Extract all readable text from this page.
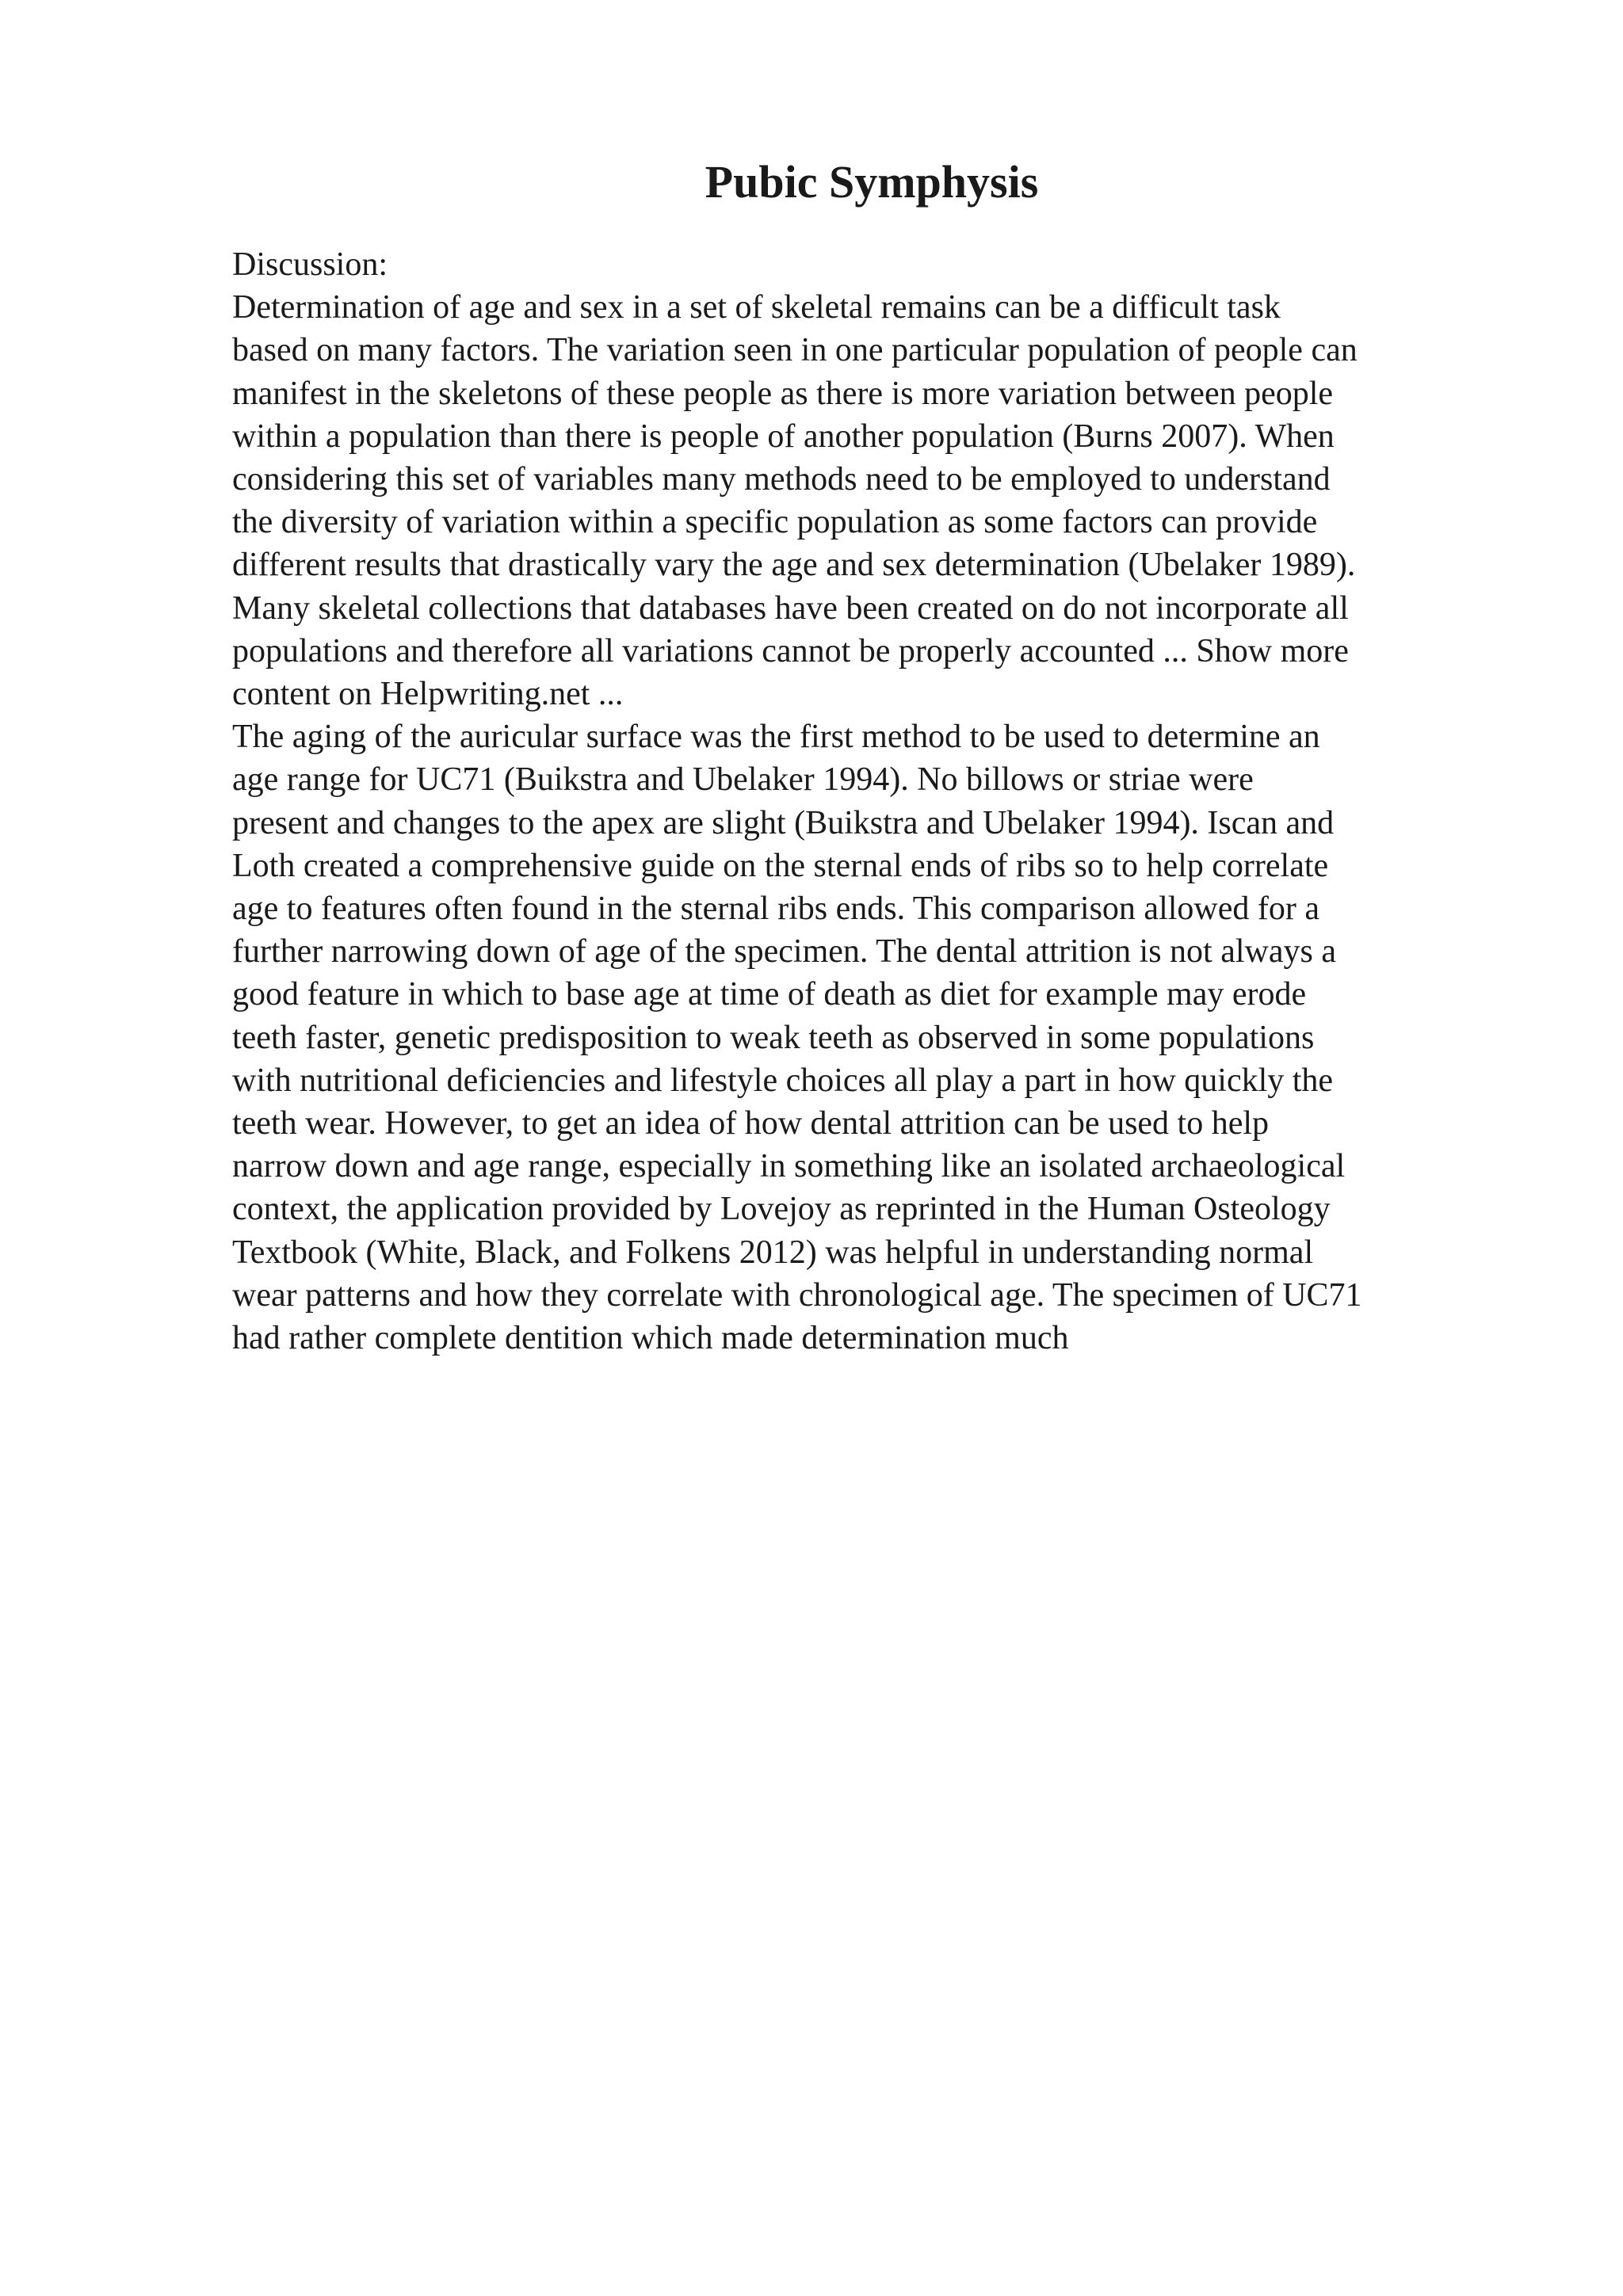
Pubic Symphysis
Discussion:
Determination of age and sex in a set of skeletal remains can be a difficult task
based on many factors. The variation seen in one particular population of people can
manifest in the skeletons of these people as there is more variation between people
within a population than there is people of another population (Burns 2007). When
considering this set of variables many methods need to be employed to understand
the diversity of variation within a specific population as some factors can provide
different results that drastically vary the age and sex determination (Ubelaker 1989).
Many skeletal collections that databases have been created on do not incorporate all
populations and therefore all variations cannot be properly accounted ... Show more
content on Helpwriting.net ...
The aging of the auricular surface was the first method to be used to determine an
age range for UC71 (Buikstra and Ubelaker 1994). No billows or striae were
present and changes to the apex are slight (Buikstra and Ubelaker 1994). Iscan and
Loth created a comprehensive guide on the sternal ends of ribs so to help correlate
age to features often found in the sternal ribs ends. This comparison allowed for a
further narrowing down of age of the specimen. The dental attrition is not always a
good feature in which to base age at time of death as diet for example may erode
teeth faster, genetic predisposition to weak teeth as observed in some populations
with nutritional deficiencies and lifestyle choices all play a part in how quickly the
teeth wear. However, to get an idea of how dental attrition can be used to help
narrow down and age range, especially in something like an isolated archaeological
context, the application provided by Lovejoy as reprinted in the Human Osteology
Textbook (White, Black, and Folkens 2012) was helpful in understanding normal
wear patterns and how they correlate with chronological age. The specimen of UC71
had rather complete dentition which made determination much
